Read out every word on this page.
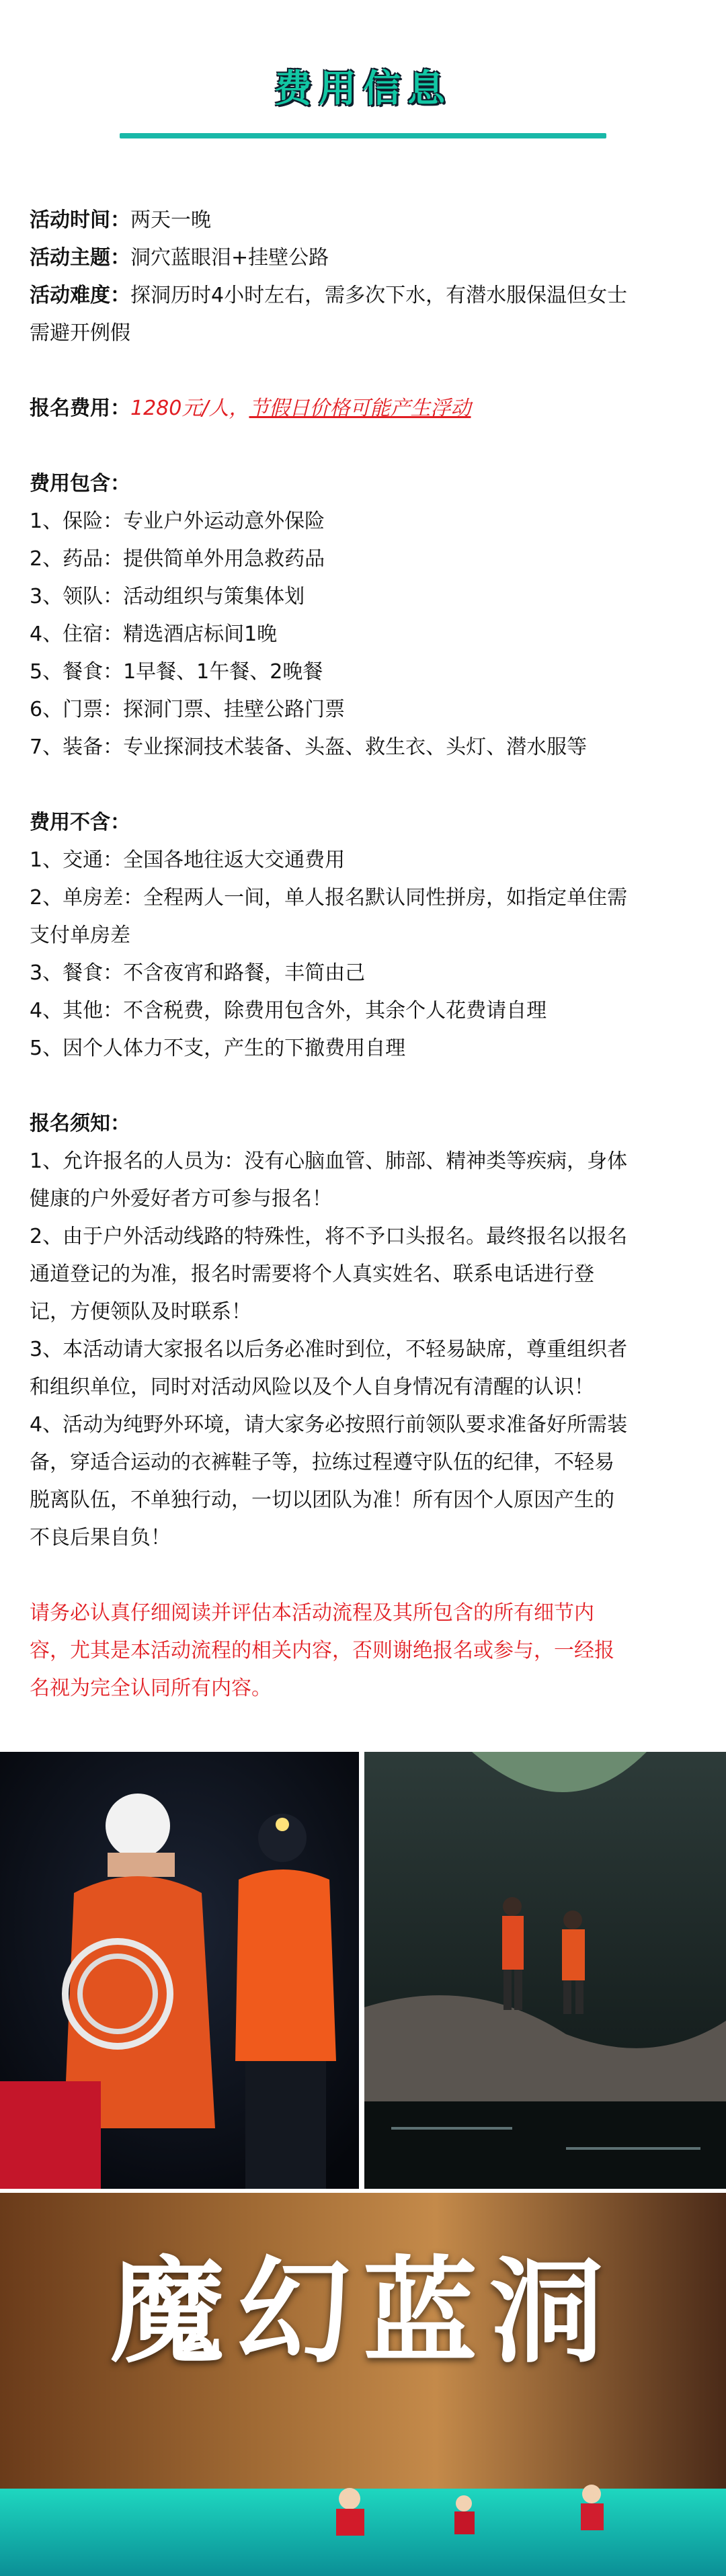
费用信息
活动时间：两天一晚
活动主题：洞穴蓝眼泪+挂壁公路
活动难度：探洞历时4小时左右，需多次下水，有潜水服保温但女士
需避开例假
报名费用：1280元/人，节假日价格可能产生浮动
费用包含：
1、保险：专业户外运动意外保险
2、药品：提供简单外用急救药品
3、领队：活动组织与策集体划
4、住宿：精选酒店标间1晚
5、餐食：1早餐、1午餐、2晚餐
6、门票：探洞门票、挂壁公路门票
7、装备：专业探洞技术装备、头盔、救生衣、头灯、潜水服等
费用不含：
1、交通：全国各地往返大交通费用
2、单房差：全程两人一间，单人报名默认同性拼房，如指定单住需
支付单房差
3、餐食：不含夜宵和路餐，丰简由己
4、其他：不含税费，除费用包含外，其余个人花费请自理
5、因个人体力不支，产生的下撤费用自理
报名须知：
1、允许报名的人员为：没有心脑血管、肺部、精神类等疾病，身体
健康的户外爱好者方可参与报名！
2、由于户外活动线路的特殊性，将不予口头报名。最终报名以报名
通道登记的为准，报名时需要将个人真实姓名、联系电话进行登
记，方便领队及时联系！
3、本活动请大家报名以后务必准时到位，不轻易缺席，尊重组织者
和组织单位，同时对活动风险以及个人自身情况有清醒的认识！
4、活动为纯野外环境，请大家务必按照行前领队要求准备好所需装
备，穿适合运动的衣裤鞋子等，拉练过程遵守队伍的纪律，不轻易
脱离队伍，不单独行动，一切以团队为准！所有因个人原因产生的
不良后果自负！
请务必认真仔细阅读并评估本活动流程及其所包含的所有细节内
容，尤其是本活动流程的相关内容，否则谢绝报名或参与，一经报
名视为完全认同所有内容。
魔幻蓝洞
